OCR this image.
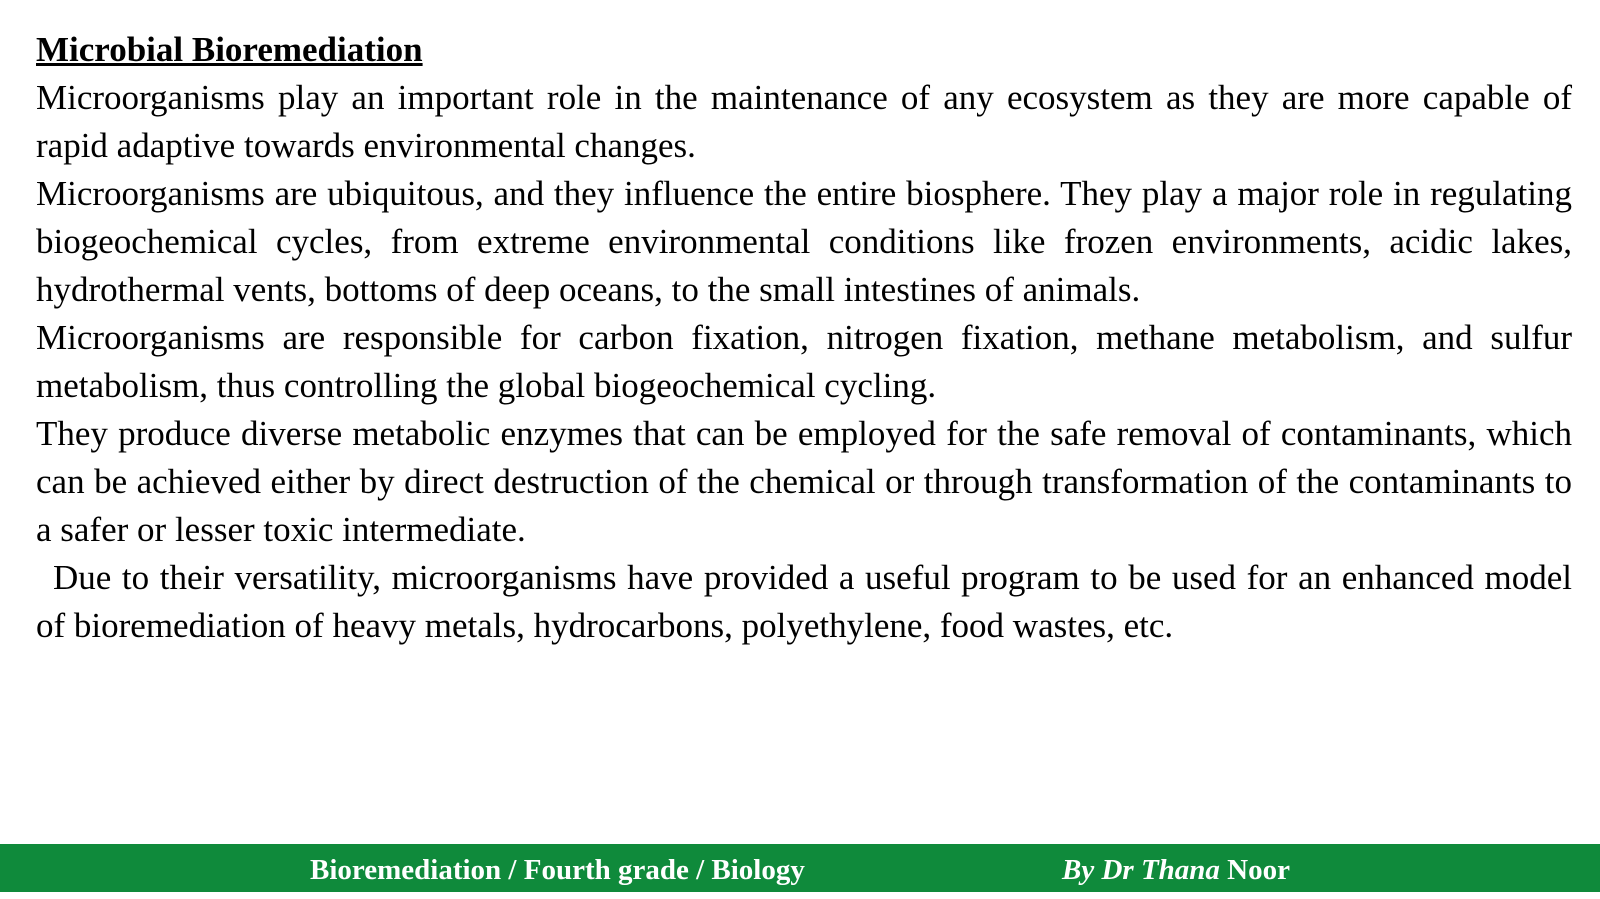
Microbial Bioremediation

Microorganisms play an important role in the maintenance of any ecosystem as they are more capable of rapid adaptive towards environmental changes.

Microorganisms are ubiquitous, and they influence the entire biosphere. They play a major role in regulating biogeochemical cycles, from extreme environmental conditions like frozen environments, acidic lakes, hydrothermal vents, bottoms of deep oceans, to the small intestines of animals.

Microorganisms are responsible for carbon fixation, nitrogen fixation, methane metabolism, and sulfur metabolism, thus controlling the global biogeochemical cycling.

They produce diverse metabolic enzymes that can be employed for the safe removal of contaminants, which can be achieved either by direct destruction of the chemical or through transformation of the contaminants to a safer or lesser toxic intermediate.

Due to their versatility, microorganisms have provided a useful program to be used for an enhanced model of bioremediation of heavy metals, hydrocarbons, polyethylene, food wastes, etc.

Bioremediation / Fourth grade / Biology	By Dr Thana Noor
